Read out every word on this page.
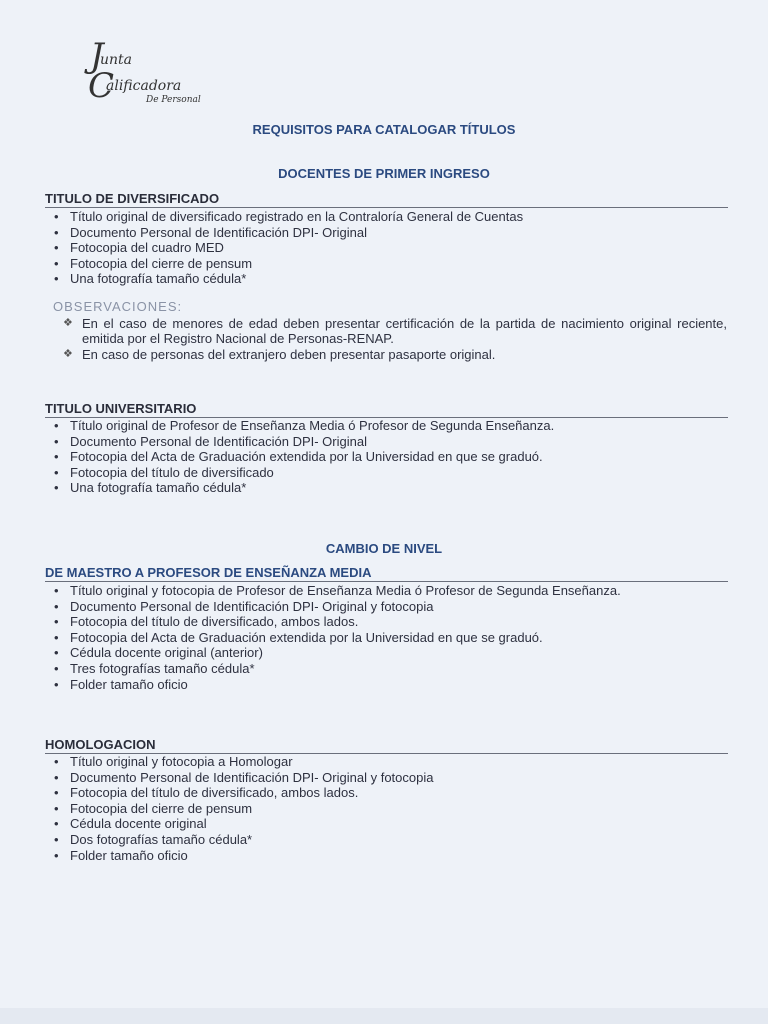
J
unta
C
alificadora
De Personal
REQUISITOS PARA CATALOGAR TÍTULOS
DOCENTES DE PRIMER INGRESO
TITULO DE DIVERSIFICADO
• Título original de diversificado registrado en la Contraloría General de Cuentas
• Documento Personal de Identificación DPI- Original
• Fotocopia del cuadro MED
• Fotocopia del cierre de pensum
• Una fotografía tamaño cédula*
OBSERVACIONES:
❖ En el caso de menores de edad deben presentar certificación de la partida de nacimiento original reciente, emitida por el Registro Nacional de Personas-RENAP.
❖ En caso de personas del extranjero deben presentar pasaporte original.
TITULO UNIVERSITARIO
• Título original de Profesor de Enseñanza Media ó Profesor de Segunda Enseñanza.
• Documento Personal de Identificación DPI- Original
• Fotocopia del Acta de Graduación extendida por la Universidad en que se graduó.
• Fotocopia del título de diversificado
• Una fotografía tamaño cédula*
CAMBIO DE NIVEL
DE MAESTRO A PROFESOR DE ENSEÑANZA MEDIA
• Título original y fotocopia de Profesor de Enseñanza Media ó Profesor de Segunda Enseñanza.
• Documento Personal de Identificación DPI- Original y fotocopia
• Fotocopia del título de diversificado, ambos lados.
• Fotocopia del Acta de Graduación extendida por la Universidad en que se graduó.
• Cédula docente original (anterior)
• Tres fotografías tamaño cédula*
• Folder tamaño oficio
HOMOLOGACION
• Título original y fotocopia a Homologar
• Documento Personal de Identificación DPI- Original y fotocopia
• Fotocopia del título de diversificado, ambos lados.
• Fotocopia del cierre de pensum
• Cédula docente original
• Dos fotografías tamaño cédula*
• Folder tamaño oficio
